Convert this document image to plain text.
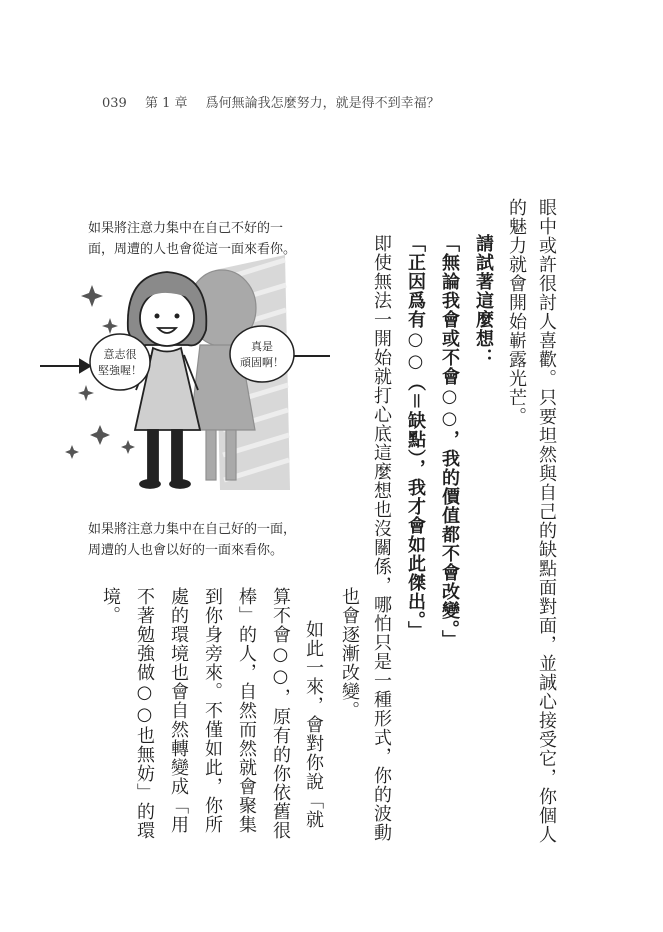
039 第 1 章 爲何無論我怎麼努力，就是得不到幸福？
眼中或許很討人喜歡。只要坦然與自己的缺點面對面，並誠心接受它，你個人
的魅力就會開始嶄露光芒。
請試著這麼想：
「無論我會或不會○○，我的價值都不會改變。」
「正因爲有○○（＝缺點），我才會如此傑出。」
即使無法一開始就打心底這麼想也沒關係，哪怕只是一種形式，你的波動
也會逐漸改變。
如此一來，會對你說「就
算不會○○，原有的你依舊很
棒」的人，自然而然就會聚集
到你身旁來。不僅如此，你所
處的環境也會自然轉變成「用
不著勉強做○○也無妨」的環
境。
如果將注意力集中在自己不好的一
面，周遭的人也會從這一面來看你。
如果將注意力集中在自己好的一面，
周遭的人也會以好的一面來看你。
意志很
堅強喔！
真是
頑固啊！
